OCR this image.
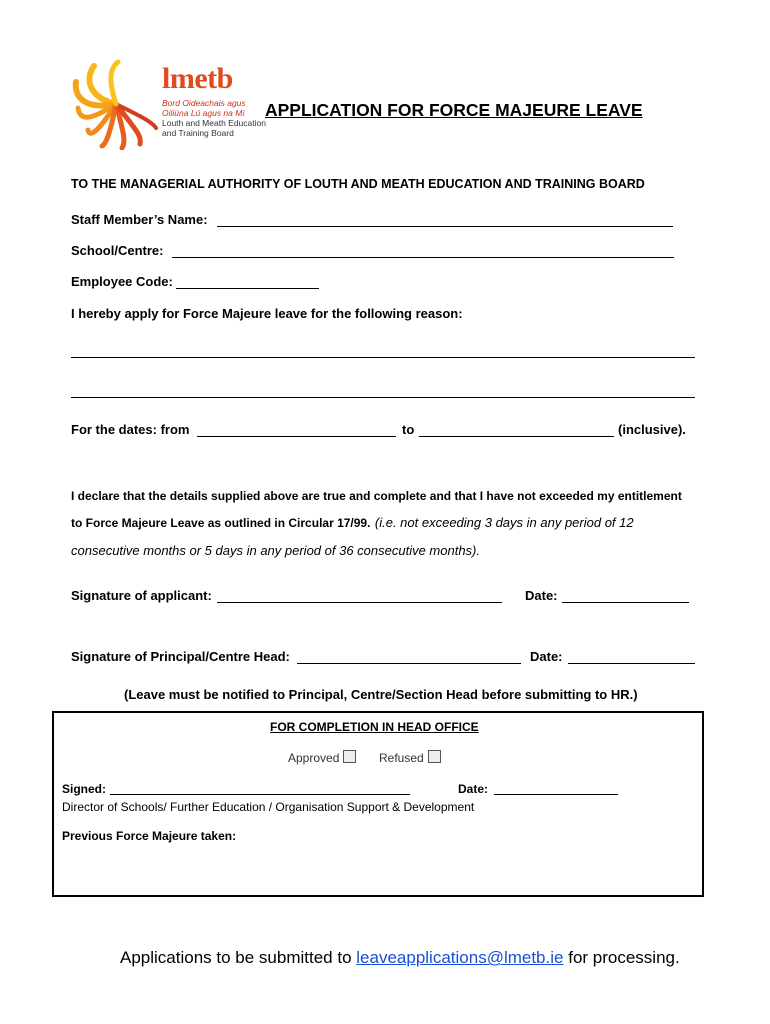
lmetb
Bord Oideachais agus
Oiliúna Lú agus na Mí
Louth and Meath Education
and Training Board
APPLICATION FOR FORCE MAJEURE LEAVE
TO THE MANAGERIAL AUTHORITY OF LOUTH AND MEATH EDUCATION AND TRAINING BOARD
Staff Member’s Name:
School/Centre:
Employee Code:
I hereby apply for Force Majeure leave for the following reason:
For the dates: from	to	(inclusive).
I declare that the details supplied above are true and complete and that I have not exceeded my entitlement
to Force Majeure Leave as outlined in Circular 17/99. (i.e. not exceeding 3 days in any period of 12
consecutive months or 5 days in any period of 36 consecutive months).
Signature of applicant:	Date:
Signature of Principal/Centre Head:	Date:
(Leave must be notified to Principal, Centre/Section Head before submitting to HR.)
FOR COMPLETION IN HEAD OFFICE
Approved	Refused
Signed:	Date:
Director of Schools/ Further Education / Organisation Support & Development
Previous Force Majeure taken:
Applications to be submitted to leaveapplications@lmetb.ie for processing.
